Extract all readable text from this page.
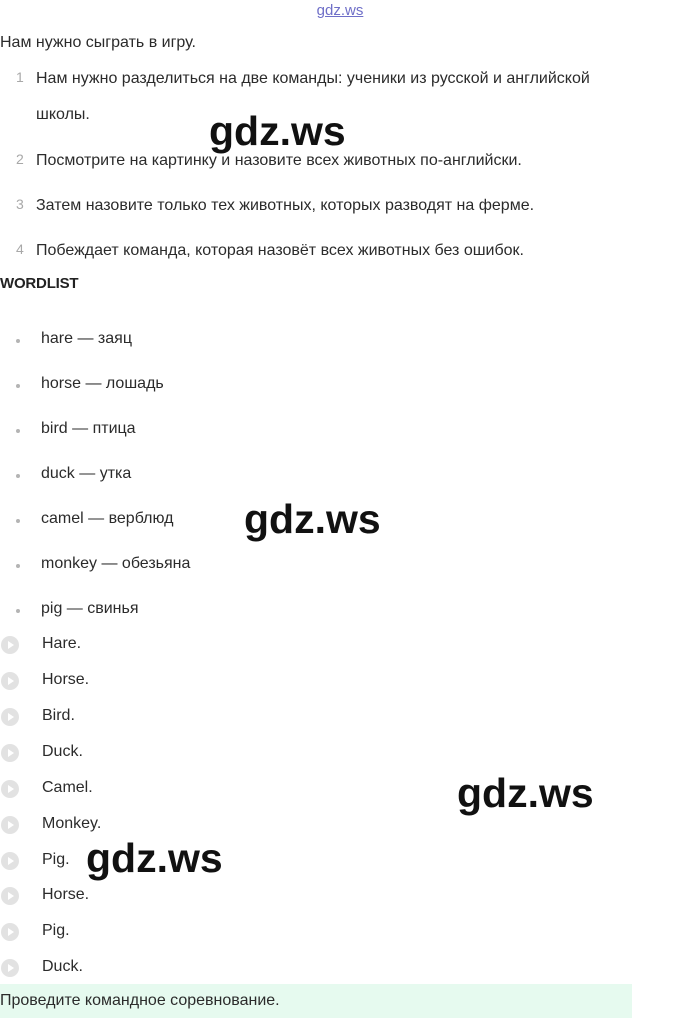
gdz.ws
Нам нужно сыграть в игру.
1 Нам нужно разделиться на две команды: ученики из русской и английской школы.
2 Посмотрите на картинку и назовите всех животных по-английски.
3 Затем назовите только тех животных, которых разводят на ферме.
4 Побеждает команда, которая назовёт всех животных без ошибок.
WORDLIST
hare — заяц
horse — лошадь
bird — птица
duck — утка
camel — верблюд
monkey — обезьяна
pig — свинья
Hare.
Horse.
Bird.
Duck.
Camel.
Monkey.
Pig.
Horse.
Pig.
Duck.
Проведите командное соревнование.
gdz.ws
gdz.ws
gdz.ws
gdz.ws
